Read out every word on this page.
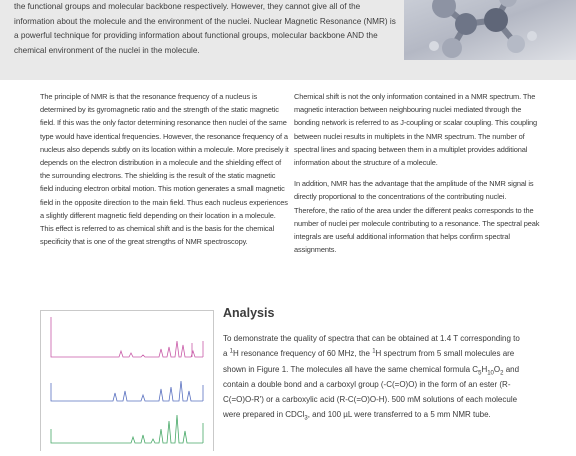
the functional groups and molecular backbone respectively. However, they cannot give all of the information about the molecule and the environment of the nuclei. Nuclear Magnetic Resonance (NMR) is a powerful technique for providing information about functional groups, molecular backbone AND the chemical environment of the nuclei in the molecule.

The principle of NMR is that the resonance frequency of a nucleus is determined by its gyromagnetic ratio and the strength of the static magnetic field. If this was the only factor determining resonance then nuclei of the same type would have identical frequencies. However, the resonance frequency of a nucleus also depends subtly on its location within a molecule. More precisely it depends on the electron distribution in a molecule and the shielding effect of the surrounding electrons. The shielding is the result of the static magnetic field inducing electron orbital motion. This motion generates a small magnetic field in the opposite direction to the main field. Thus each nucleus experiences a slightly different magnetic field depending on their location in a molecule. This effect is referred to as chemical shift and is the basis for the chemical specificity that is one of the great strengths of NMR spectroscopy.

Chemical shift is not the only information contained in a NMR spectrum. The magnetic interaction between neighbouring nuclei mediated through the bonding network is referred to as J-coupling or scalar coupling. This coupling between nuclei results in multiplets in the NMR spectrum. The number of spectral lines and spacing between them in a multiplet provides additional information about the structure of a molecule.

In addition, NMR has the advantage that the amplitude of the NMR signal is directly proportional to the concentrations of the contributing nuclei. Therefore, the ratio of the area under the different peaks corresponds to the number of nuclei per molecule contributing to a resonance. The spectral peak integrals are useful additional information that helps confirm spectral assignments.

Analysis

To demonstrate the quality of spectra that can be obtained at 1.4 T corresponding to a $^1$H resonance frequency of 60 MHz, the $^1$H spectrum from 5 small molecules are shown in Figure 1. The molecules all have the same chemical formula $C_5H_{10}O_2$ and contain a double bond and a carboxyl group (-C(=O)O) in the form of an ester (R-C(=O)O-R') or a carboxylic acid (R-C(=O)O-H). 500 mM solutions of each molecule were prepared in CDCl$_3$, and 100 µL were transferred to a 5 mm NMR tube.
